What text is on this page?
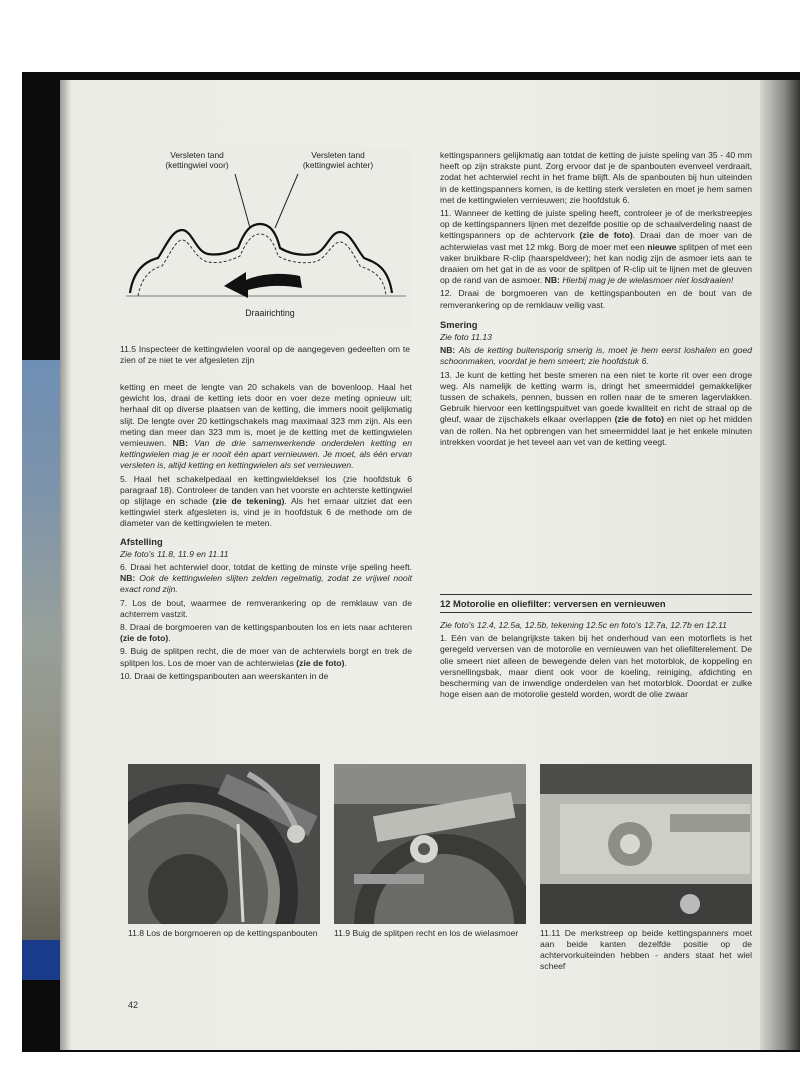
Versleten tand
(kettingwiel voor)
Versleten tand
(kettingwiel achter)
Draairichting
11.5 Inspecteer de kettingwielen vooral op de aangegeven gedeelten om te zien of ze niet te ver afgesleten zijn

ketting en meet de lengte van 20 schakels van de bovenloop. Haal het gewicht los, draai de ketting iets door en voer deze meting opnieuw uit; herhaal dit op diverse plaatsen van de ketting, die immers nooit gelijkmatig slijt. De lengte over 20 kettingschakels mag maximaal 323 mm zijn. Als een meting dan meer dan 323 mm is, moet je de ketting met de kettingwielen vernieuwen. NB: Van de drie samenwerkende onderdelen ketting en kettingwielen mag je er nooit één apart vernieuwen. Je moet, als één ervan versleten is, altijd ketting en kettingwielen als set vernieuwen.

5. Haal het schakelpedaal en kettingwieldeksel los (zie hoofdstuk 6 paragraaf 18). Controleer de tanden van het voorste en achterste kettingwiel op slijtage en schade (zie de tekening). Als het ernaar uitziet dat een kettingwiel sterk afgesleten is, vind je in hoofdstuk 6 de methode om de diameter van de kettingwielen te meten.

Afstelling

Zie foto's 11.8, 11.9 en 11.11

6. Draai het achterwiel door, totdat de ketting de minste vrije speling heeft. NB: Ook de kettingwielen slijten zelden regelmatig, zodat ze vrijwel nooit exact rond zijn.

7. Los de bout, waarmee de remverankering op de remklauw van de achterrem vastzit.

8. Draai de borgmoeren van de kettingspanbouten los en iets naar achteren (zie de foto).

9. Buig de splitpen recht, die de moer van de achterwiels borgt en trek de splitpen los. Los de moer van de achterwielas (zie de foto).

10. Draai de kettingspanbouten aan weerskanten in de

kettingspanners gelijkmatig aan totdat de ketting de juiste speling van 35 - 40 mm heeft op zijn strakste punt. Zorg ervoor dat je de spanbouten evenveel verdraait, zodat het achterwiel recht in het frame blijft. Als de spanbouten bij hun uiteinden in de kettingspanners komen, is de ketting sterk versleten en moet je hem samen met de kettingwielen vernieuwen; zie hoofdstuk 6.

11. Wanneer de ketting de juiste speling heeft, controleer je of de merkstreepjes op de kettingspanners lijnen met dezelfde positie op de schaalverdeling naast de kettingspanners op de achtervork (zie de foto). Draai dan de moer van de achterwielas vast met 12 mkg. Borg de moer met een nieuwe splitpen of met een vaker bruikbare R-clip (haarspeldveer); het kan nodig zijn de asmoer iets aan te draaien om het gat in de as voor de splitpen of R-clip uit te lijnen met de gleuven op de rand van de asmoer. NB: Hierbij mag je de wielasmoer niet losdraaien!

12. Draai de borgmoeren van de kettingspanbouten en de bout van de remverankering op de remklauw veilig vast.

Smering

Zie foto 11.13

NB: Als de ketting buitensporig smerig is, moet je hem eerst loshalen en goed schoonmaken, voordat je hem smeert; zie hoofdstuk 6.

13. Je kunt de ketting het beste smeren na een niet te korte rit over een droge weg. Als namelijk de ketting warm is, dringt het smeermiddel gemakkelijker tussen de schakels, pennen, bussen en rollen naar de te smeren lagervlakken. Gebruik hiervoor een kettingspuitvet van goede kwaliteit en richt de straal op de gleuf, waar de zijschakels elkaar overlappen (zie de foto) en niet op het midden van de rollen. Na het opbrengen van het smeermiddel laat je het enkele minuten intrekken voordat je het teveel aan vet van de ketting veegt.

12 Motorolie en oliefilter: verversen en vernieuwen

Zie foto's 12.4, 12.5a, 12.5b, tekening 12.5c en foto's 12.7a, 12.7b en 12.11

1. Eén van de belangrijkste taken bij het onderhoud van een motorfiets is het geregeld verversen van de motorolie en vernieuwen van het oliefilterelement. De olie smeert niet alleen de bewegende delen van het motorblok, de koppeling en versnellingsbak, maar dient ook voor de koeling, reiniging, afdichting en bescherming van de inwendige onderdelen van het motorblok. Doordat er zulke hoge eisen aan de motorolie gesteld worden, wordt de olie zwaar

11.8 Los de borgmoeren op de kettingspanbouten 11.9 Buig de splitpen recht en los de wielasmoer	11.11 De merkstreep op beide kettingspanners moet aan beide kanten dezelfde positie op de achtervorkuiteinden hebben - anders staat het wiel scheef
42
